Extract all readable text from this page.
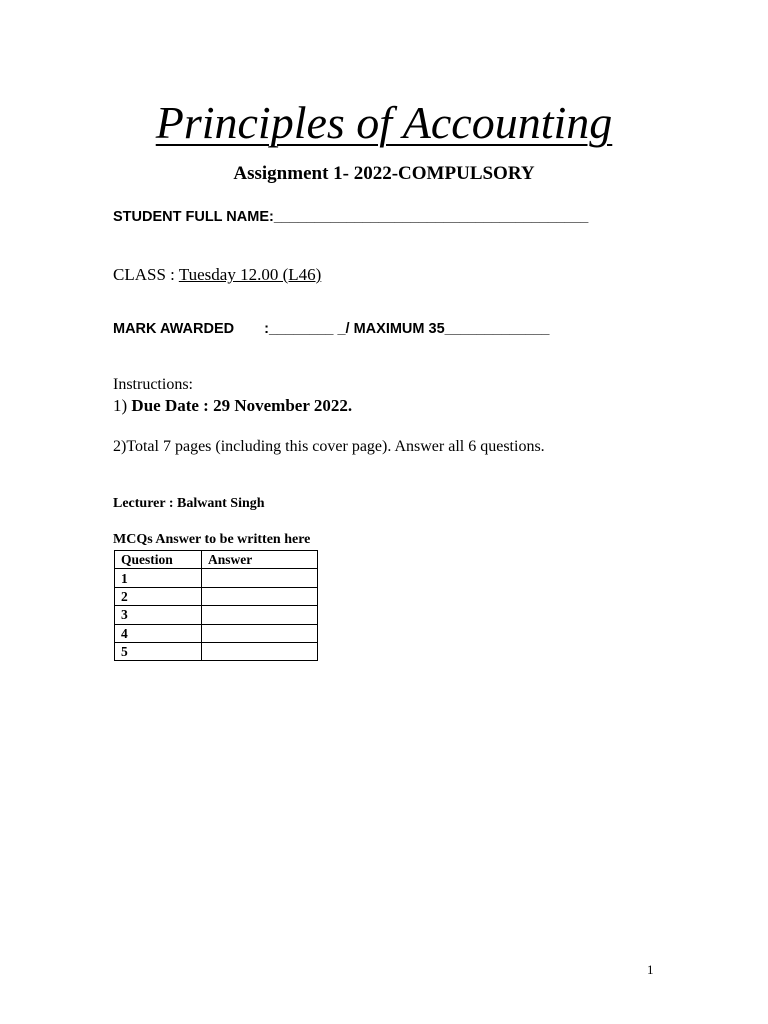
Principles of Accounting
Assignment 1- 2022-COMPULSORY
STUDENT FULL NAME:_______________________________________
CLASS : Tuesday 12.00 (L46)
MARK AWARDED :________ _/ MAXIMUM 35_____________
Instructions:
1) Due Date : 29 November 2022.
2)Total 7 pages (including this cover page). Answer all 6 questions.
Lecturer : Balwant Singh
MCQs Answer to be written here
Question	Answer
1	
2	
3	
4	
5	
1
